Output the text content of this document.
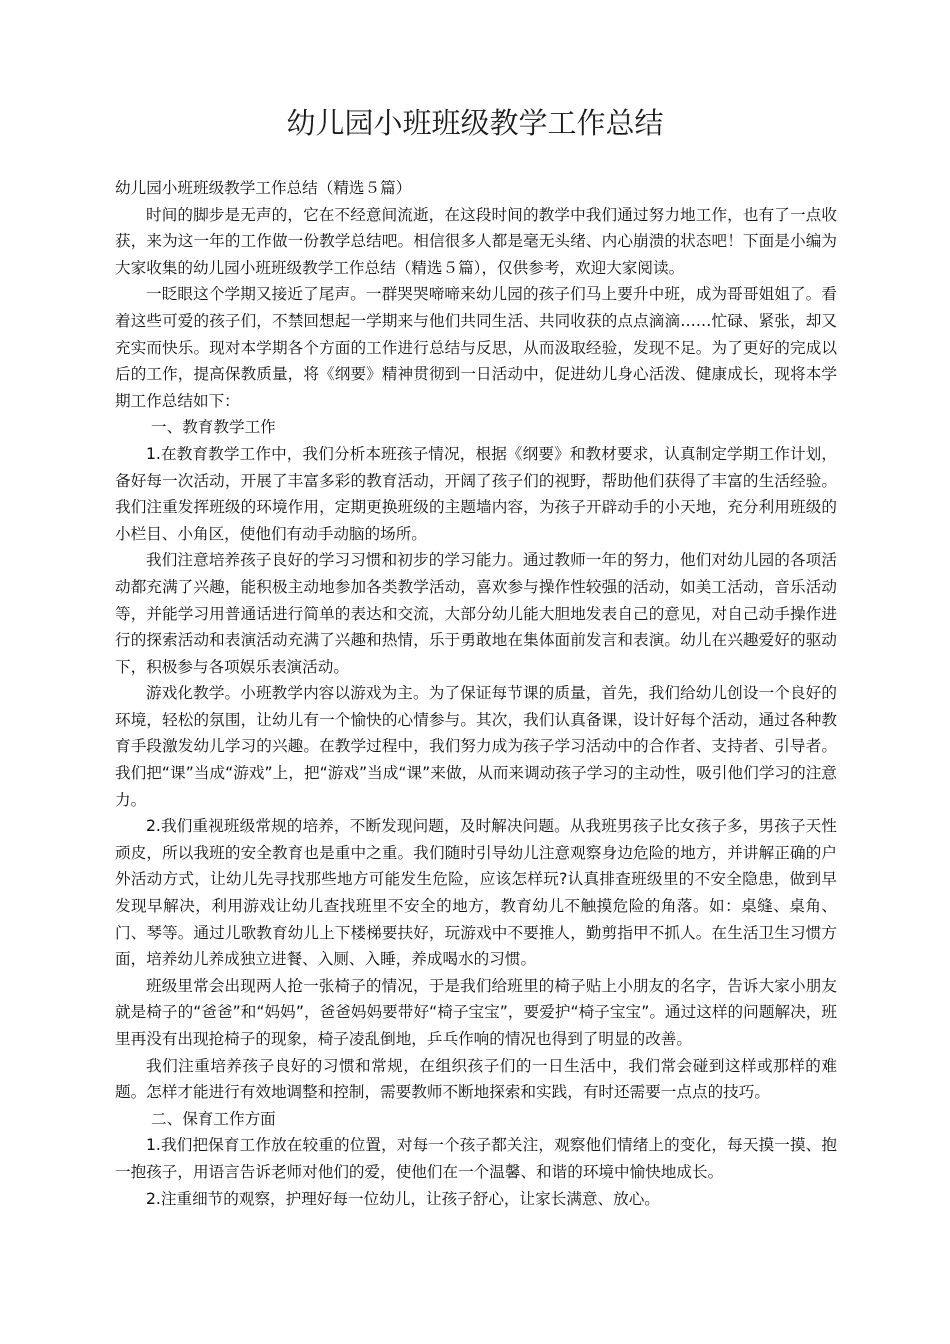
幼儿园小班班级教学工作总结

幼儿园小班班级教学工作总结（精选５篇）

时间的脚步是无声的，它在不经意间流逝，在这段时间的教学中我们通过努力地工作，也有了一点收获，来为这一年的工作做一份教学总结吧。相信很多人都是毫无头绪、内心崩溃的状态吧！下面是小编为大家收集的幼儿园小班班级教学工作总结（精选５篇），仅供参考，欢迎大家阅读。

一眨眼这个学期又接近了尾声。一群哭哭啼啼来幼儿园的孩子们马上要升中班，成为哥哥姐姐了。看着这些可爱的孩子们，不禁回想起一学期来与他们共同生活、共同收获的点点滴滴……忙碌、紧张，却又充实而快乐。现对本学期各个方面的工作进行总结与反思，从而汲取经验，发现不足。为了更好的完成以后的工作，提高保教质量，将《纲要》精神贯彻到一日活动中，促进幼儿身心活泼、健康成长，现将本学期工作总结如下：

一、教育教学工作

1.在教育教学工作中，我们分析本班孩子情况，根据《纲要》和教材要求，认真制定学期工作计划，备好每一次活动，开展了丰富多彩的教育活动，开阔了孩子们的视野，帮助他们获得了丰富的生活经验。我们注重发挥班级的环境作用，定期更换班级的主题墙内容，为孩子开辟动手的小天地，充分利用班级的小栏目、小角区，使他们有动手动脑的场所。

我们注意培养孩子良好的学习习惯和初步的学习能力。通过教师一年的努力，他们对幼儿园的各项活动都充满了兴趣，能积极主动地参加各类教学活动，喜欢参与操作性较强的活动，如美工活动，音乐活动等，并能学习用普通话进行简单的表达和交流，大部分幼儿能大胆地发表自己的意见，对自己动手操作进行的探索活动和表演活动充满了兴趣和热情，乐于勇敢地在集体面前发言和表演。幼儿在兴趣爱好的驱动下，积极参与各项娱乐表演活动。

游戏化教学。小班教学内容以游戏为主。为了保证每节课的质量，首先，我们给幼儿创设一个良好的环境，轻松的氛围，让幼儿有一个愉快的心情参与。其次，我们认真备课，设计好每个活动，通过各种教育手段激发幼儿学习的兴趣。在教学过程中，我们努力成为孩子学习活动中的合作者、支持者、引导者。我们把“课”当成“游戏”上，把“游戏”当成“课”来做，从而来调动孩子学习的主动性，吸引他们学习的注意力。

2.我们重视班级常规的培养，不断发现问题，及时解决问题。从我班男孩子比女孩子多，男孩子天性顽皮，所以我班的安全教育也是重中之重。我们随时引导幼儿注意观察身边危险的地方，并讲解正确的户外活动方式，让幼儿先寻找那些地方可能发生危险，应该怎样玩?认真排查班级里的不安全隐患，做到早发现早解决，利用游戏让幼儿查找班里不安全的地方，教育幼儿不触摸危险的角落。如：桌缝、桌角、门、琴等。通过儿歌教育幼儿上下楼梯要扶好，玩游戏中不要推人，勤剪指甲不抓人。在生活卫生习惯方面，培养幼儿养成独立进餐、入厕、入睡，养成喝水的习惯。

班级里常会出现两人抢一张椅子的情况，于是我们给班里的椅子贴上小朋友的名字，告诉大家小朋友就是椅子的“爸爸”和“妈妈”，爸爸妈妈要带好“椅子宝宝”，要爱护“椅子宝宝”。通过这样的问题解决，班里再没有出现抢椅子的现象，椅子凌乱倒地，乒乓作响的情况也得到了明显的改善。

我们注重培养孩子良好的习惯和常规，在组织孩子们的一日生活中，我们常会碰到这样或那样的难题。怎样才能进行有效地调整和控制，需要教师不断地探索和实践，有时还需要一点点的技巧。

二、保育工作方面

1.我们把保育工作放在较重的位置，对每一个孩子都关注，观察他们情绪上的变化，每天摸一摸、抱一抱孩子，用语言告诉老师对他们的爱，使他们在一个温馨、和谐的环境中愉快地成长。

2.注重细节的观察，护理好每一位幼儿，让孩子舒心，让家长满意、放心。
